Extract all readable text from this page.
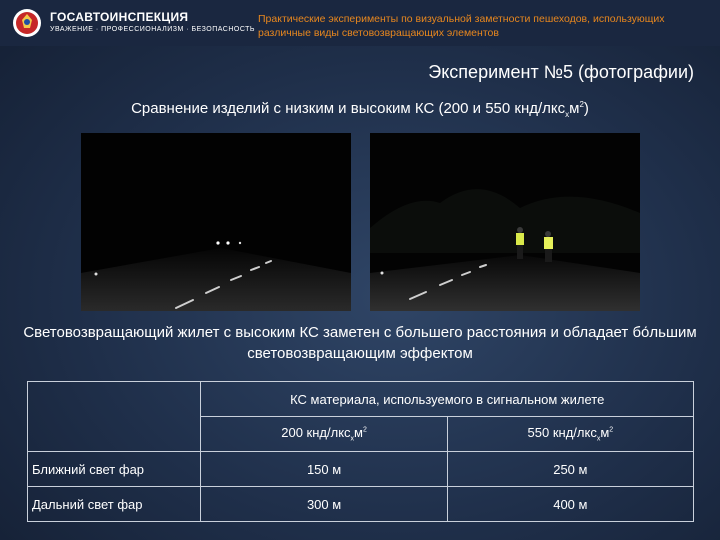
ГОСАВТОИНСПЕКЦИЯ
УВАЖЕНИЕ · ПРОФЕССИОНАЛИЗМ · БЕЗОПАСНОСТЬ
Практические эксперименты по визуальной заметности пешеходов, использующих различные виды световозвращающих элементов
Эксперимент №5 (фотографии)
Сравнение изделий с низким и высоким КС (200 и 550 кнд/$лкс_xм^2$)
Световозвращающий жилет с высоким КС заметен с большего расстояния и обладает бо́льшим световозвращающим эффектом
	КС материала, используемого в сигнальном жилете	
	200 кнд/$лкс_xм^2$	550 кнд/$лкс_xм^2$
Ближний свет фар	150 м	250 м
Дальний свет фар	300 м	400 м
